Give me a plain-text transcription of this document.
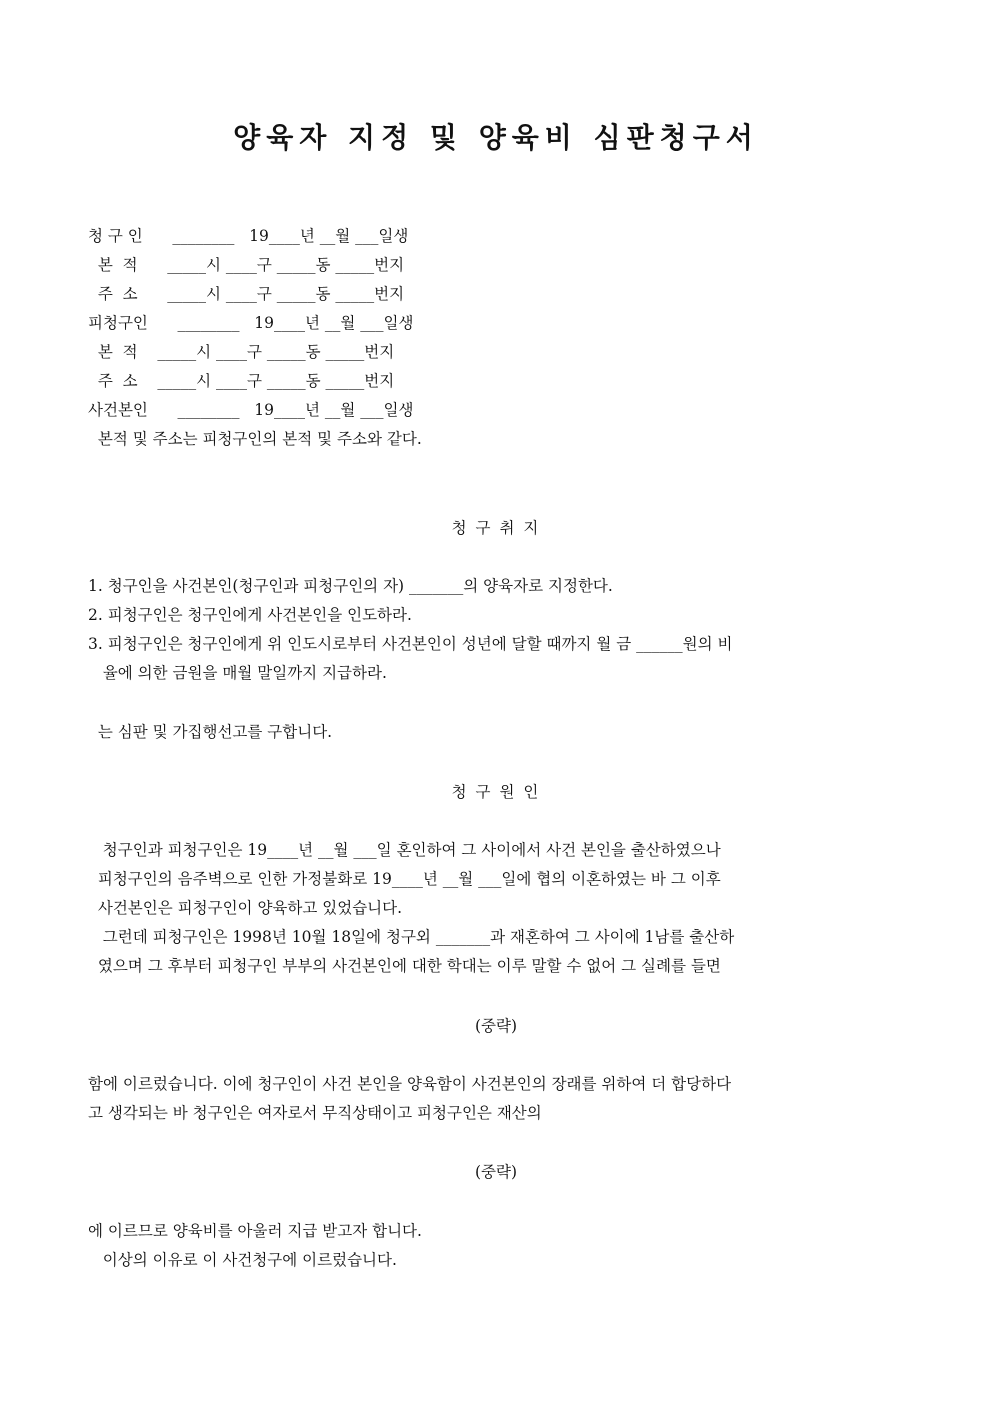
양육자 지정 및 양육비 심판청구서
청 구 인      ________   19____년 __월 ___일생
본  적      _____시 ____구 _____동 _____번지
주  소      _____시 ____구 _____동 _____번지
피청구인      ________   19____년 __월 ___일생
본  적    _____시 ____구 _____동 _____번지
주  소    _____시 ____구 _____동 _____번지
사건본인      ________   19____년 __월 ___일생
본적 및 주소는 피청구인의 본적 및 주소와 같다.
청 구 취 지
1. 청구인을 사건본인(청구인과 피청구인의 자) _______의 양육자로 지정한다.
2. 피청구인은 청구인에게 사건본인을 인도하라.
3. 피청구인은 청구인에게 위 인도시로부터 사건본인이 성년에 달할 때까지 월 금 ______원의 비
율에 의한 금원을 매월 말일까지 지급하라.
는 심판 및 가집행선고를 구합니다.
청 구 원 인
청구인과 피청구인은 19____년 __월 ___일 혼인하여 그 사이에서 사건 본인을 출산하였으나
피청구인의 음주벽으로 인한 가정불화로 19____년 __월 ___일에 협의 이혼하였는 바 그 이후
사건본인은 피청구인이 양육하고 있었습니다.
그런데 피청구인은 1998년 10월 18일에 청구외 _______과 재혼하여 그 사이에 1남를 출산하
였으며 그 후부터 피청구인 부부의 사건본인에 대한 학대는 이루 말할 수 없어 그 실례를 들면
(중략)
함에 이르렀습니다. 이에 청구인이 사건 본인을 양육함이 사건본인의 장래를 위하여 더 합당하다
고 생각되는 바 청구인은 여자로서 무직상태이고 피청구인은 재산의
(중략)
에 이르므로 양육비를 아울러 지급 받고자 합니다.
이상의 이유로 이 사건청구에 이르렀습니다.
